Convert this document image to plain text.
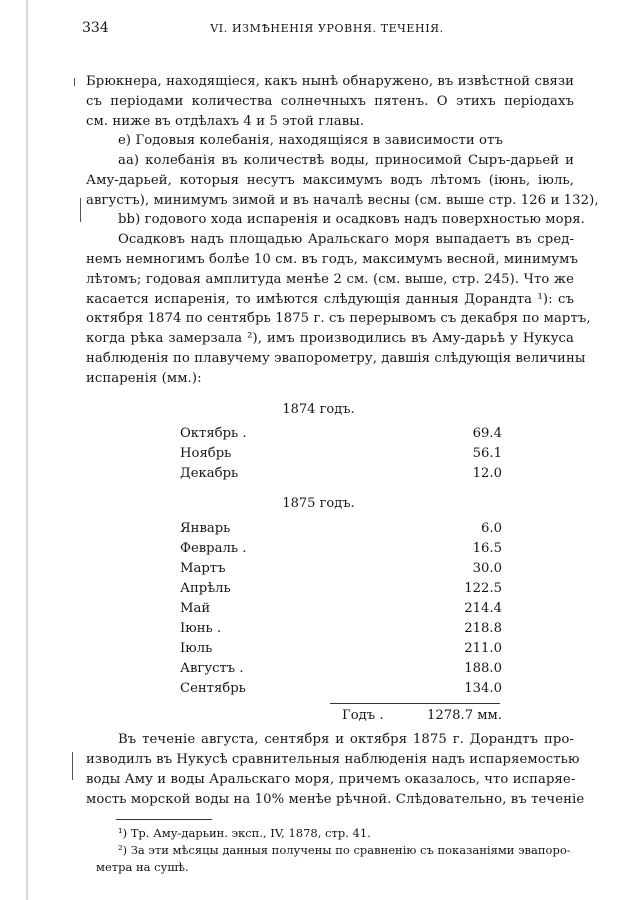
334	VI. ИЗМѢНЕНІЯ УРОВНЯ. ТЕЧЕНІЯ.
Брюкнера, находящіеся, какъ нынѣ обнаружено, въ извѣстной связи
съ періодами количества солнечныхъ пятенъ. О этихъ періодахъ
см. ниже въ отдѣлахъ 4 и 5 этой главы.
е) Годовыя колебанія, находящіяся в зависимости отъ
аа) колебанія въ количествѣ воды, приносимой Сыръ-дарьей и
Аму-дарьей, которыя несутъ максимумъ водъ лѣтомъ (іюнь, іюль,
августъ), минимумъ зимой и въ началѣ весны (см. выше стр. 126 и 132),
bb) годового хода испаренія и осадковъ надъ поверхностью моря.
Осадковъ надъ площадью Аральскаго моря выпадаетъ въ сред-
немъ немногимъ болѣе 10 см. въ годъ, максимумъ весной, минимумъ
лѣтомъ; годовая амплитуда менѣе 2 см. (см. выше, стр. 245). Что же
касается испаренія, то имѣются слѣдующія данныя Дорандта ¹): съ
октября 1874 по сентябрь 1875 г. съ перерывомъ съ декабря по мартъ,
когда рѣка замерзала ²), имъ производились въ Аму-дарьѣ у Нукуса
наблюденія по плавучему эвапорометру, давшія слѣдующія величины
испаренія (мм.):
1874 годъ.
Октябрь .	69.4
Ноябрь	56.1
Декабрь	12.0
1875 годъ.
Январь	6.0
Февраль .	16.5
Мартъ	30.0
Апрѣль	122.5
Май	214.4
Іюнь .	218.8
Іюль	211.0
Августъ .	188.0
Сентябрь	134.0
Годъ .	1278.7 мм.
Въ теченіе августа, сентября и октября 1875 г. Дорандтъ про-
изводилъ въ Нукусѣ сравнительныя наблюденія надъ испаряемостью
воды Аму и воды Аральскаго моря, причемъ оказалось, что испаряе-
мость морской воды на 10% менѣе рѣчной. Слѣдовательно, въ теченіе
¹) Тр. Аму-дарьин. эксп., IV, 1878, стр. 41.
²) За эти мѣсяцы данныя получены по сравненію съ показаніями эвапоро-
метра на сушѣ.
